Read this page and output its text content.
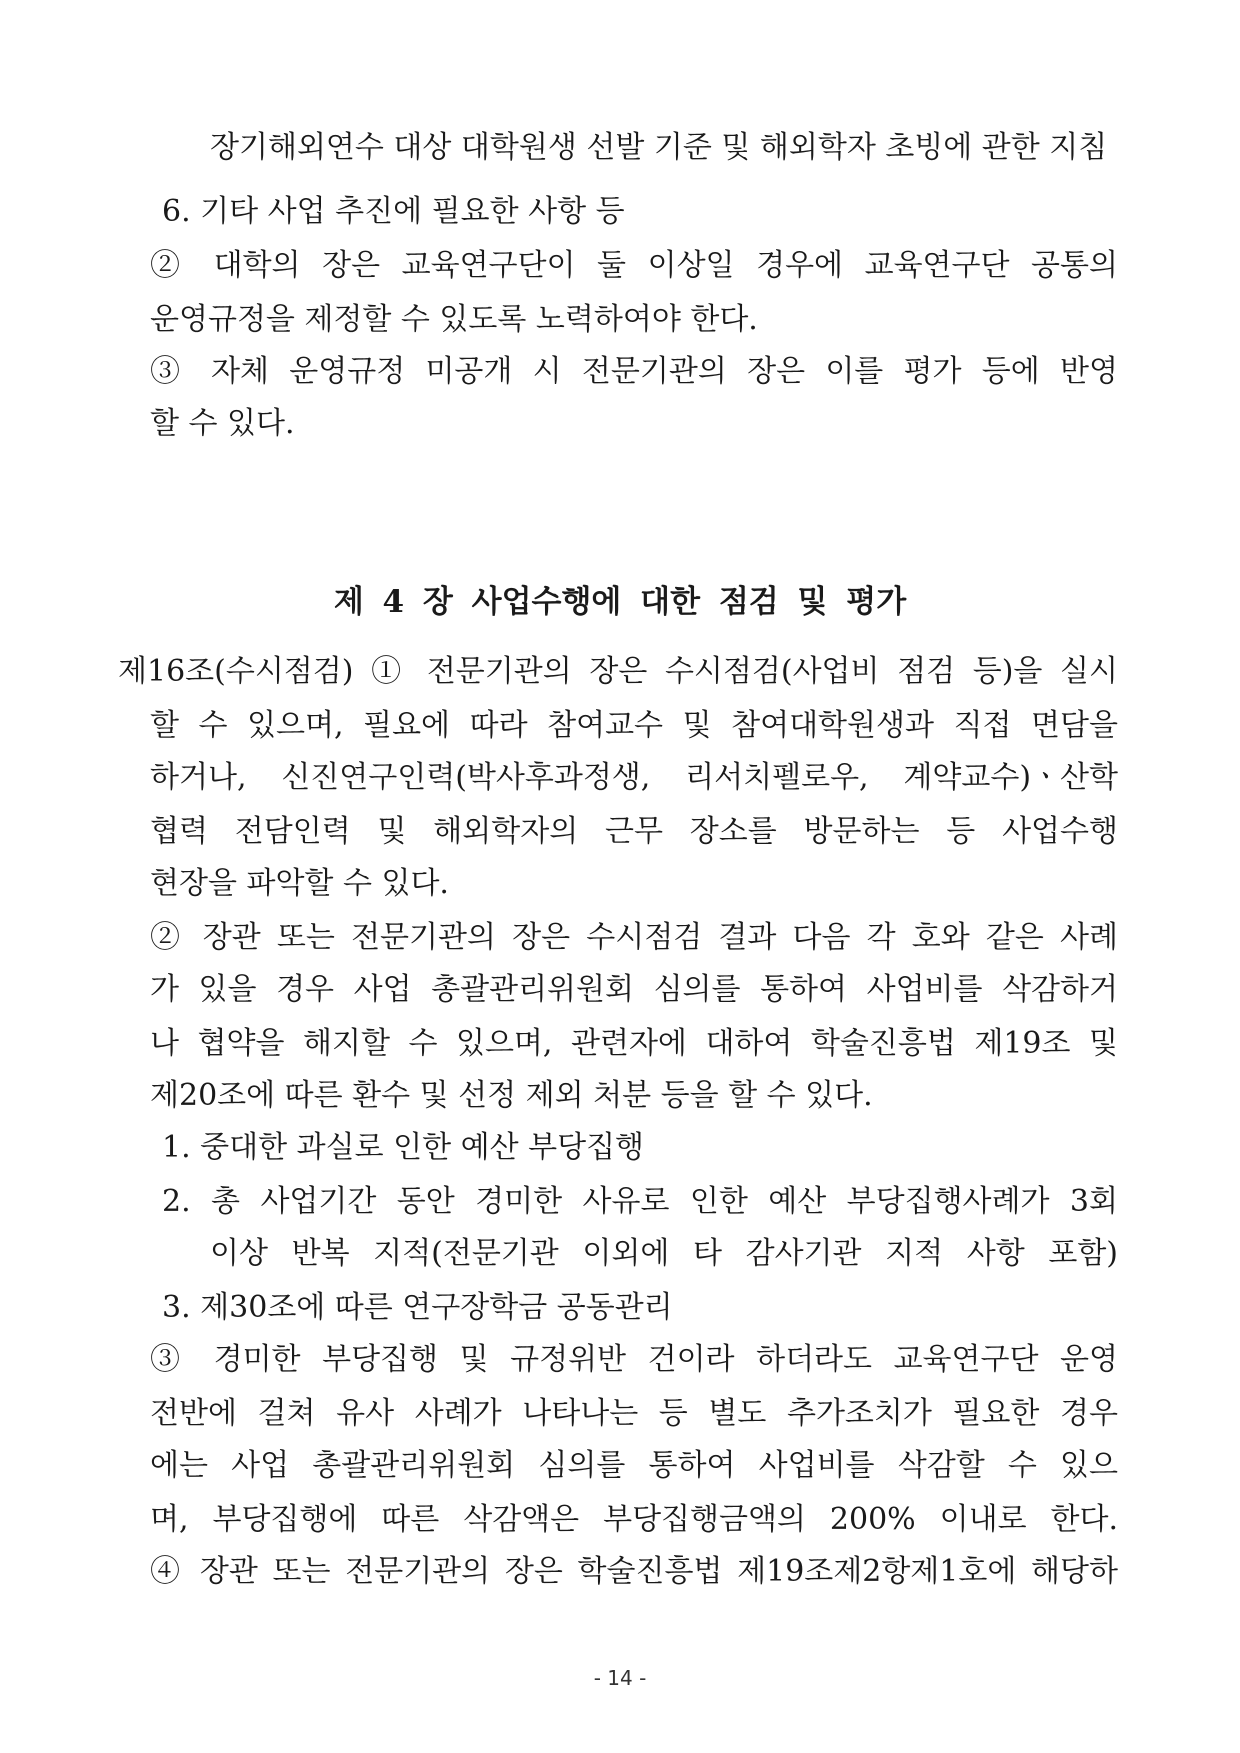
장기해외연수 대상 대학원생 선발 기준 및 해외학자 초빙에 관한 지침
6. 기타 사업 추진에 필요한 사항 등
② 대학의 장은 교육연구단이 둘 이상일 경우에 교육연구단 공통의
운영규정을 제정할 수 있도록 노력하여야 한다.
③ 자체 운영규정 미공개 시 전문기관의 장은 이를 평가 등에 반영
할 수 있다.
제 4 장 사업수행에 대한 점검 및 평가
제16조(수시점검) ① 전문기관의 장은 수시점검(사업비 점검 등)을 실시
할 수 있으며, 필요에 따라 참여교수 및 참여대학원생과 직접 면담을
하거나, 신진연구인력(박사후과정생, 리서치펠로우, 계약교수)ㆍ산학
협력 전담인력 및 해외학자의 근무 장소를 방문하는 등 사업수행
현장을 파악할 수 있다.
② 장관 또는 전문기관의 장은 수시점검 결과 다음 각 호와 같은 사례
가 있을 경우 사업 총괄관리위원회 심의를 통하여 사업비를 삭감하거
나 협약을 해지할 수 있으며, 관련자에 대하여 학술진흥법 제19조 및
제20조에 따른 환수 및 선정 제외 처분 등을 할 수 있다.
1. 중대한 과실로 인한 예산 부당집행
2. 총 사업기간 동안 경미한 사유로 인한 예산 부당집행사례가 3회
이상 반복 지적(전문기관 이외에 타 감사기관 지적 사항 포함)
3. 제30조에 따른 연구장학금 공동관리
③ 경미한 부당집행 및 규정위반 건이라 하더라도 교육연구단 운영
전반에 걸쳐 유사 사례가 나타나는 등 별도 추가조치가 필요한 경우
에는 사업 총괄관리위원회 심의를 통하여 사업비를 삭감할 수 있으
며, 부당집행에 따른 삭감액은 부당집행금액의 200% 이내로 한다.
④ 장관 또는 전문기관의 장은 학술진흥법 제19조제2항제1호에 해당하
- 14 -
